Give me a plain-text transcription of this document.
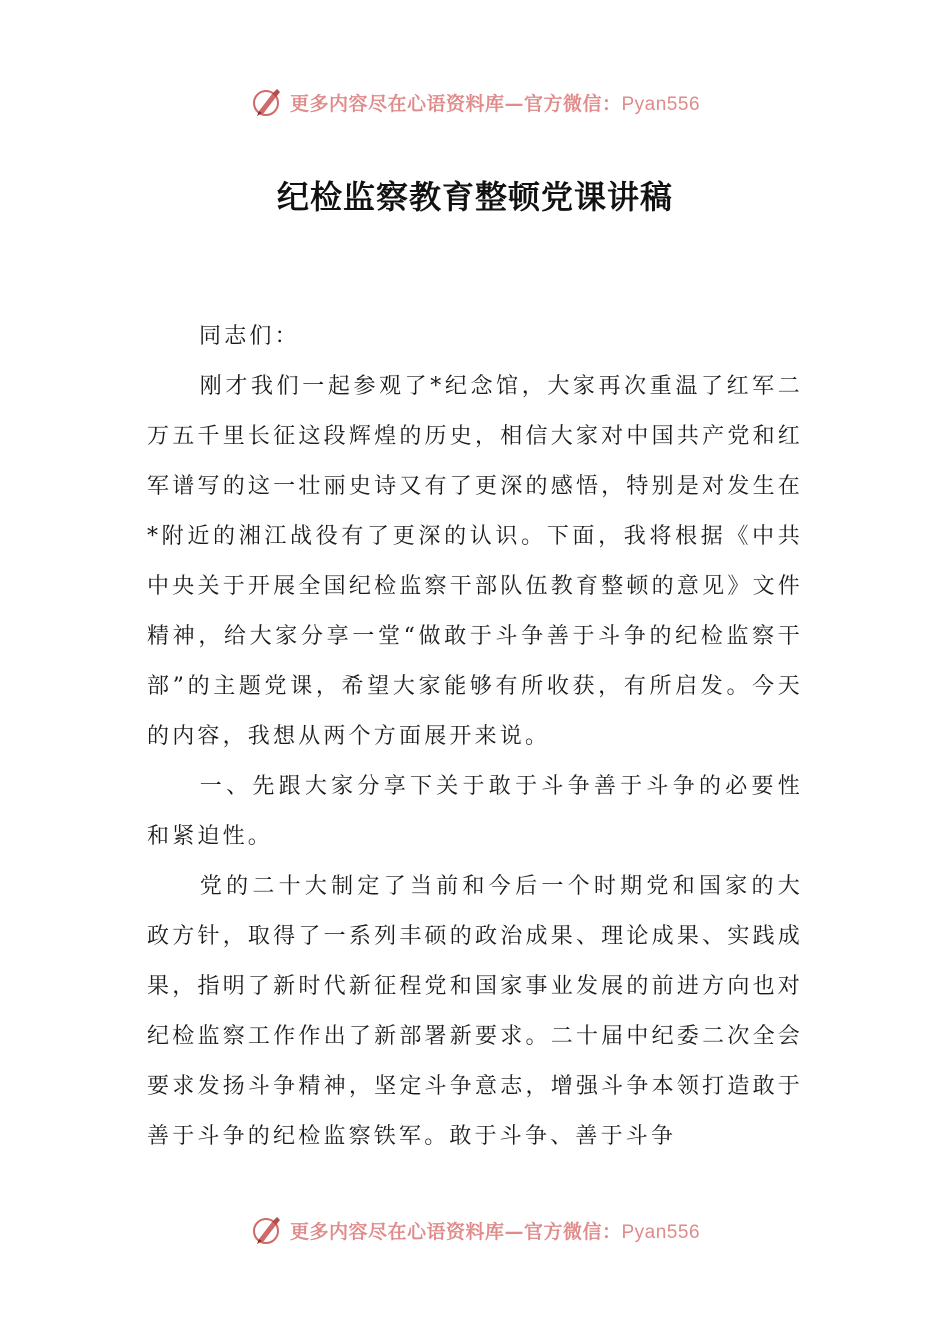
更多内容尽在心语资料库—官方微信：Pyan556
纪检监察教育整顿党课讲稿

同志们：

刚才我们一起参观了*纪念馆，大家再次重温了红军二万五千里长征这段辉煌的历史，相信大家对中国共产党和红军谱写的这一壮丽史诗又有了更深的感悟，特别是对发生在*附近的湘江战役有了更深的认识。下面，我将根据《中共中央关于开展全国纪检监察干部队伍教育整顿的意见》文件精神，给大家分享一堂“做敢于斗争善于斗争的纪检监察干部”的主题党课，希望大家能够有所收获，有所启发。今天的内容，我想从两个方面展开来说。

一、先跟大家分享下关于敢于斗争善于斗争的必要性和紧迫性。

党的二十大制定了当前和今后一个时期党和国家的大政方针，取得了一系列丰硕的政治成果、理论成果、实践成果，指明了新时代新征程党和国家事业发展的前进方向也对纪检监察工作作出了新部署新要求。二十届中纪委二次全会要求发扬斗争精神，坚定斗争意志，增强斗争本领打造敢于善于斗争的纪检监察铁军。敢于斗争、善于斗争

更多内容尽在心语资料库—官方微信：Pyan556
